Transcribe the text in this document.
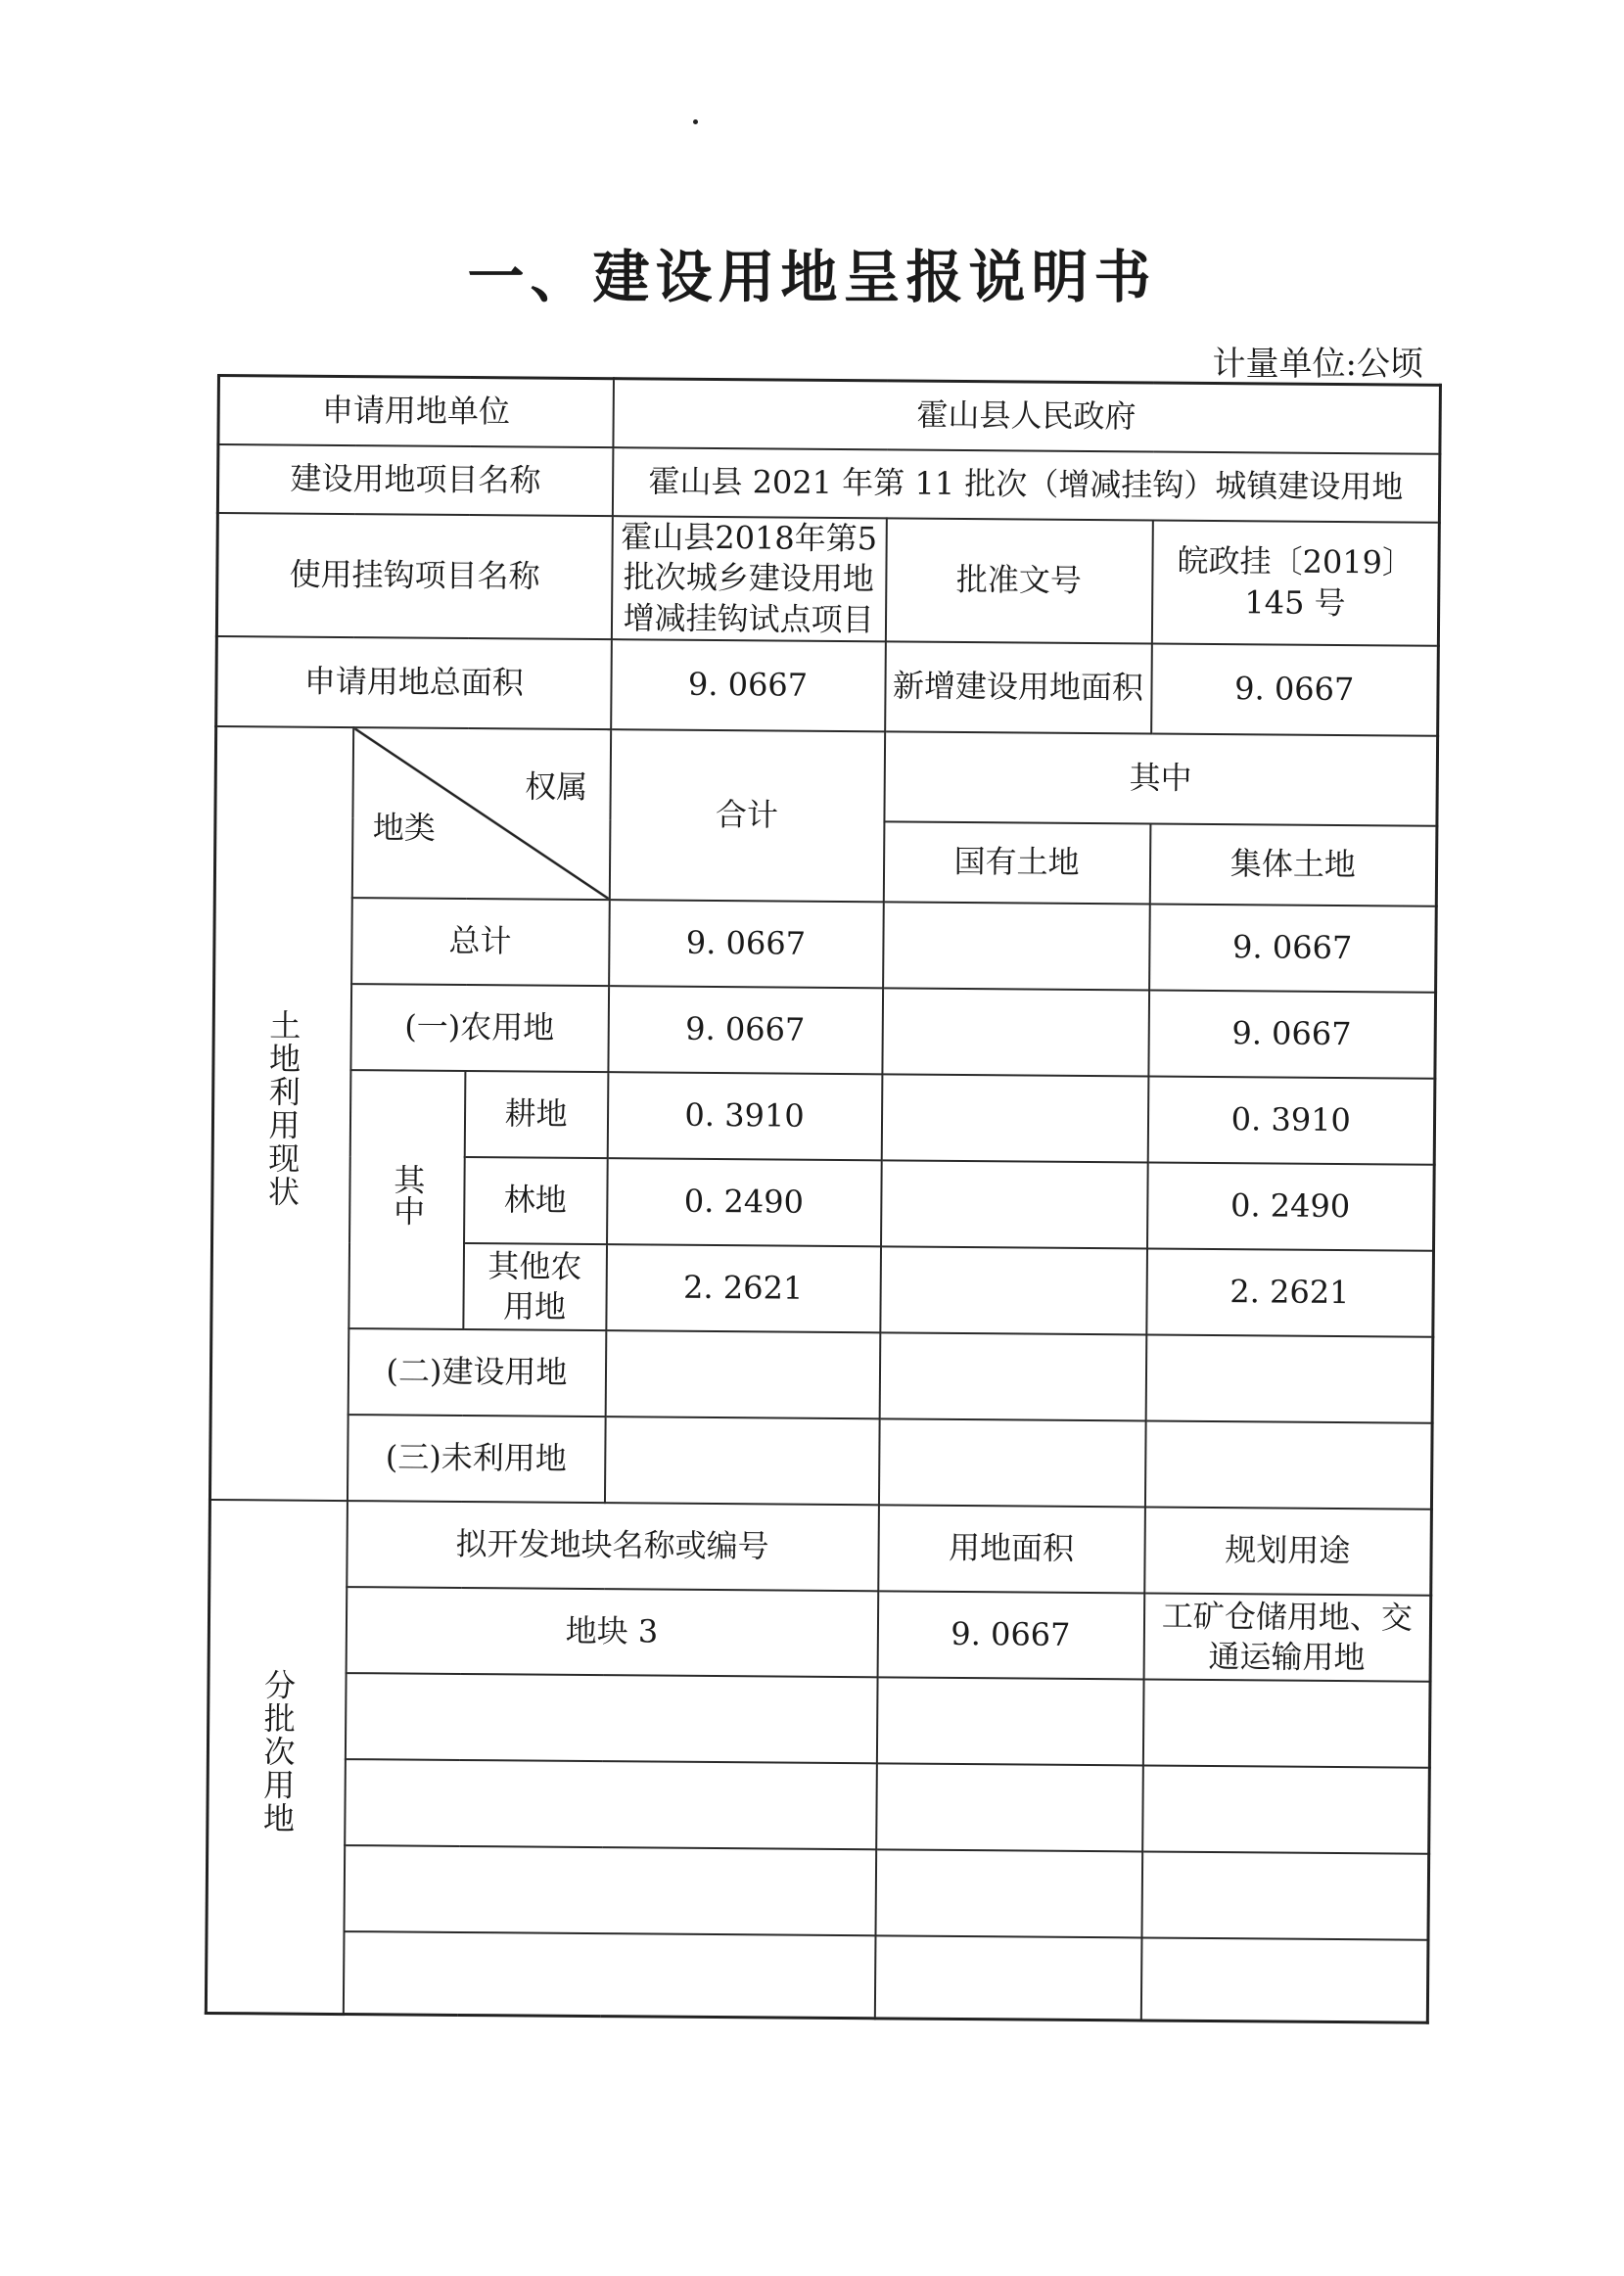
一、建设用地呈报说明书
计量单位:公顷
申请用地单位			霍山县人民政府		
建设用地项目名称			霍山县 2021 年第 11 批次（增减挂钩）城镇建设用地		
使用挂钩项目名称			霍山县2018年第5批次城乡建设用地增减挂钩试点项目	批准文号	皖政挂〔2019〕145 号
申请用地总面积			9. 0667	新增建设用地面积	9. 0667
土地利用现状	权属
地类		合计	其中	
				国有土地	集体土地
	总计		9. 0667		9. 0667
	(一)农用地		9. 0667		9. 0667
	其中	耕地	0. 3910		0. 3910
		林地	0. 2490		0. 2490
		其他农用地	2. 2621		2. 2621
	(二)建设用地				
	(三)未利用地				
分批次用地	拟开发地块名称或编号			用地面积	规划用途
	地块 3			9. 0667	工矿仓储用地、交通运输用地
